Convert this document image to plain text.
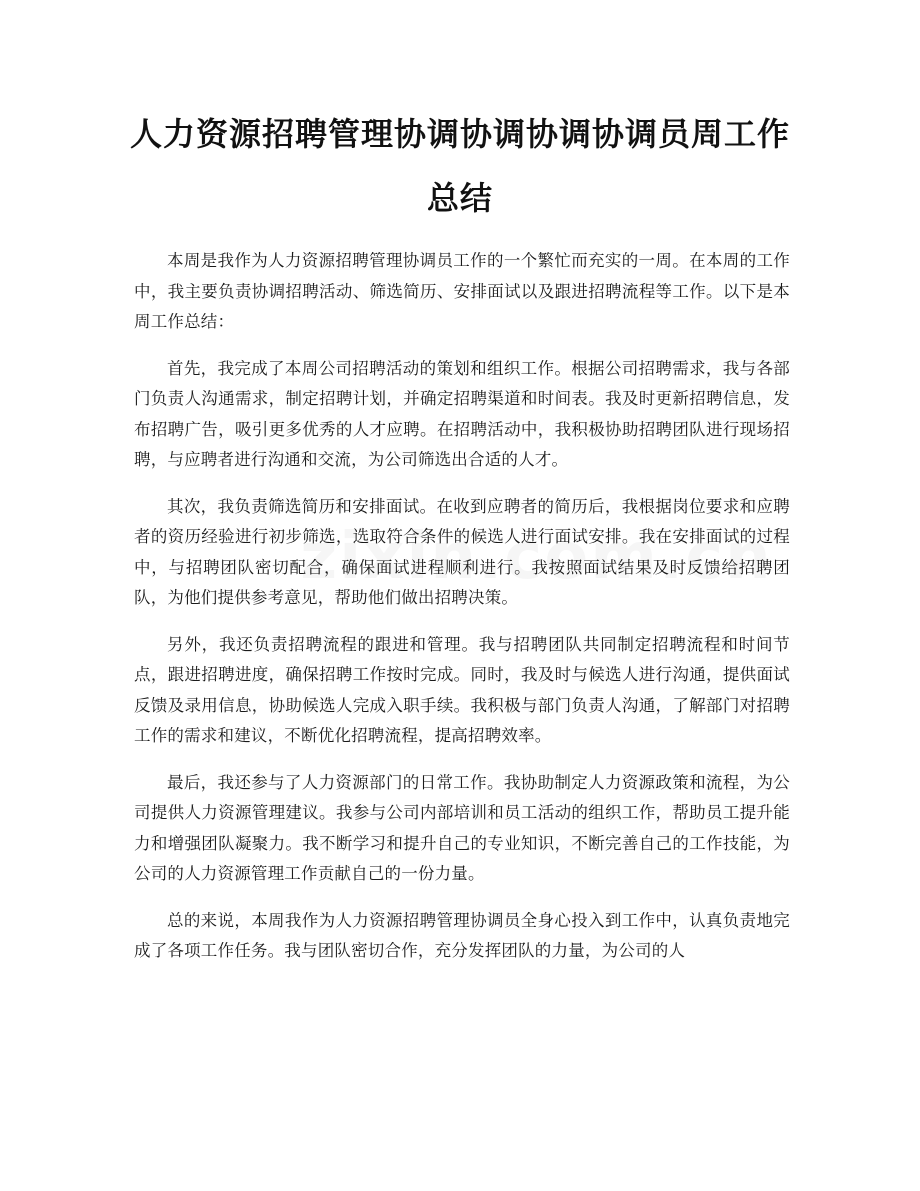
人力资源招聘管理协调协调协调协调员周工作总结

本周是我作为人力资源招聘管理协调员工作的一个繁忙而充实的一周。在本周的工作中，我主要负责协调招聘活动、筛选简历、安排面试以及跟进招聘流程等工作。以下是本周工作总结：

首先，我完成了本周公司招聘活动的策划和组织工作。根据公司招聘需求，我与各部门负责人沟通需求，制定招聘计划，并确定招聘渠道和时间表。我及时更新招聘信息，发布招聘广告，吸引更多优秀的人才应聘。在招聘活动中，我积极协助招聘团队进行现场招聘，与应聘者进行沟通和交流，为公司筛选出合适的人才。

其次，我负责筛选简历和安排面试。在收到应聘者的简历后，我根据岗位要求和应聘者的资历经验进行初步筛选，选取符合条件的候选人进行面试安排。我在安排面试的过程中，与招聘团队密切配合，确保面试进程顺利进行。我按照面试结果及时反馈给招聘团队，为他们提供参考意见，帮助他们做出招聘决策。

另外，我还负责招聘流程的跟进和管理。我与招聘团队共同制定招聘流程和时间节点，跟进招聘进度，确保招聘工作按时完成。同时，我及时与候选人进行沟通，提供面试反馈及录用信息，协助候选人完成入职手续。我积极与部门负责人沟通，了解部门对招聘工作的需求和建议，不断优化招聘流程，提高招聘效率。

最后，我还参与了人力资源部门的日常工作。我协助制定人力资源政策和流程，为公司提供人力资源管理建议。我参与公司内部培训和员工活动的组织工作，帮助员工提升能力和增强团队凝聚力。我不断学习和提升自己的专业知识，不断完善自己的工作技能，为公司的人力资源管理工作贡献自己的一份力量。

总的来说，本周我作为人力资源招聘管理协调员全身心投入到工作中，认真负责地完成了各项工作任务。我与团队密切合作，充分发挥团队的力量，为公司的人
